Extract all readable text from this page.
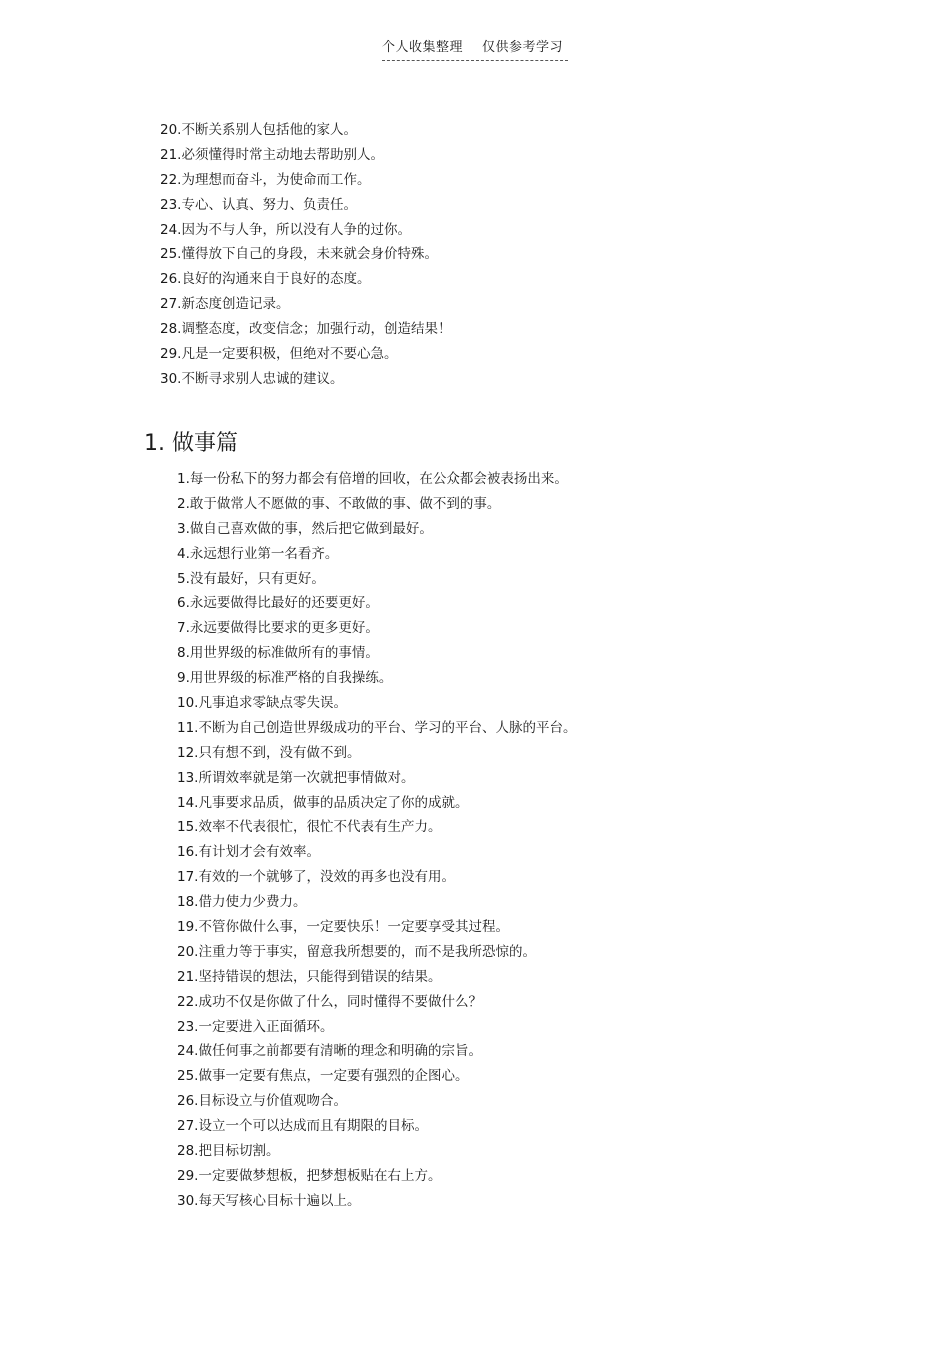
个人收集整理 仅供参考学习
20.不断关系别人包括他的家人。
21.必须懂得时常主动地去帮助别人。
22.为理想而奋斗，为使命而工作。
23.专心、认真、努力、负责任。
24.因为不与人争，所以没有人争的过你。
25.懂得放下自己的身段，未来就会身价特殊。
26.良好的沟通来自于良好的态度。
27.新态度创造记录。
28.调整态度，改变信念；加强行动，创造结果！
29.凡是一定要积极，但绝对不要心急。
30.不断寻求别人忠诚的建议。
1. 做事篇
1.每一份私下的努力都会有倍增的回收，在公众都会被表扬出来。
2.敢于做常人不愿做的事、不敢做的事、做不到的事。
3.做自己喜欢做的事，然后把它做到最好。
4.永远想行业第一名看齐。
5.没有最好，只有更好。
6.永远要做得比最好的还要更好。
7.永远要做得比要求的更多更好。
8.用世界级的标准做所有的事情。
9.用世界级的标准严格的自我操练。
10.凡事追求零缺点零失误。
11.不断为自己创造世界级成功的平台、学习的平台、人脉的平台。
12.只有想不到，没有做不到。
13.所谓效率就是第一次就把事情做对。
14.凡事要求品质，做事的品质决定了你的成就。
15.效率不代表很忙，很忙不代表有生产力。
16.有计划才会有效率。
17.有效的一个就够了，没效的再多也没有用。
18.借力使力少费力。
19.不管你做什么事，一定要快乐！一定要享受其过程。
20.注重力等于事实，留意我所想要的，而不是我所恐惊的。
21.坚持错误的想法，只能得到错误的结果。
22.成功不仅是你做了什么，同时懂得不要做什么？
23.一定要进入正面循环。
24.做任何事之前都要有清晰的理念和明确的宗旨。
25.做事一定要有焦点，一定要有强烈的企图心。
26.目标设立与价值观吻合。
27.设立一个可以达成而且有期限的目标。
28.把目标切割。
29.一定要做梦想板，把梦想板贴在右上方。
30.每天写核心目标十遍以上。
